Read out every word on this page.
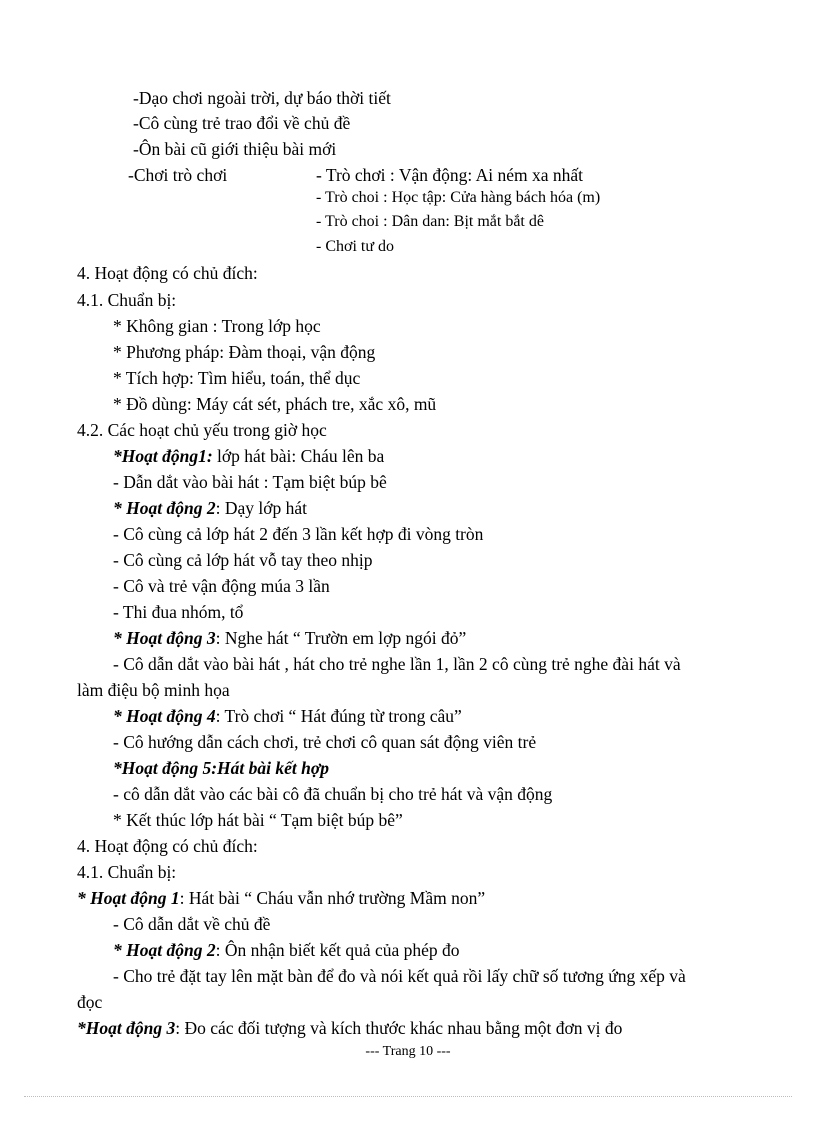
-Dạo chơi ngoài trời, dự báo thời tiết
-Cô cùng trẻ trao đổi về chủ đề
-Ôn bài cũ giới thiệu bài mới
-Chơi trò chơi	- Trò chơi : Vận động: Ai ném xa nhất
- Trò choi : Học tập: Cửa hàng bách hóa (m)
- Trò choi : Dân dan: Bịt mắt bắt dê
- Chơi tư do
4. Hoạt động có chủ đích:
4.1. Chuẩn bị:
* Không gian : Trong lớp học
* Phương pháp: Đàm thoại, vận động
* Tích hợp: Tìm hiểu, toán, thể dục
* Đồ dùng: Máy cát sét, phách tre, xắc xô, mũ
4.2. Các hoạt chủ yếu trong giờ học
*Hoạt động1: lớp hát bài: Cháu lên ba
- Dẫn dắt vào bài hát : Tạm biệt búp bê
* Hoạt động 2: Dạy lớp hát
- Cô cùng cả lớp hát 2 đến 3 lần kết hợp đi vòng tròn
- Cô cùng cả lớp hát vỗ tay theo nhịp
- Cô và trẻ vận động múa 3 lần
- Thi đua nhóm, tổ
* Hoạt động 3: Nghe hát “ Trườn em lợp ngói đỏ”
- Cô dẫn dắt vào bài hát , hát cho trẻ nghe lần 1, lần 2 cô cùng trẻ nghe đài hát và
làm điệu bộ minh họa
* Hoạt động 4: Trò chơi “ Hát đúng từ trong câu”
- Cô hướng dẫn cách chơi, trẻ chơi cô quan sát động viên trẻ
*Hoạt động 5:Hát bài kết hợp
- cô dẫn dắt vào các bài cô đã chuẩn bị cho trẻ hát và vận động
* Kết thúc lớp hát bài “ Tạm biệt búp bê”
4. Hoạt động có chủ đích:
4.1. Chuẩn bị:
* Hoạt động 1: Hát bài “ Cháu vẫn nhớ trường Mầm non”
- Cô dẫn dắt về chủ đề
* Hoạt động 2: Ôn nhận biết kết quả của phép đo
- Cho trẻ đặt tay lên mặt bàn để đo và nói kết quả rồi lấy chữ số tương ứng xếp và
đọc
*Hoạt động 3: Đo các đối tượng và kích thước khác nhau bằng một đơn vị đo
--- Trang 10 ---
